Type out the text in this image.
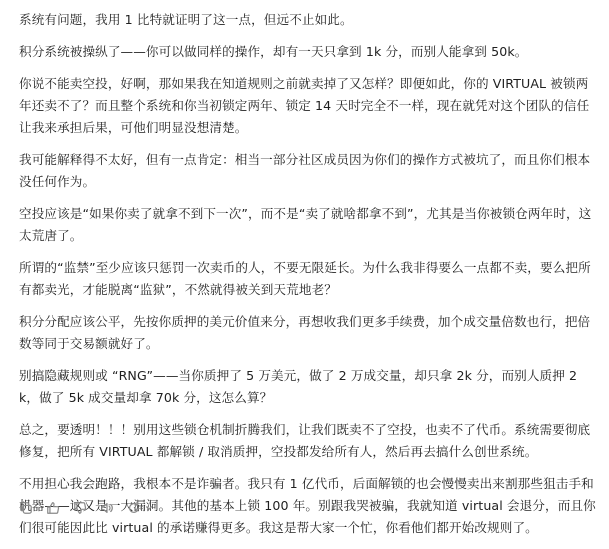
系统有问题，我用 1 比特就证明了这一点，但远不止如此。

积分系统被操纵了——你可以做同样的操作，却有一天只拿到 1k 分，而别人能拿到 50k。

你说不能卖空投，好啊，那如果我在知道规则之前就卖掉了又怎样？即便如此，你的 VIRTUAL 被锁两年还卖不了？而且整个系统和你当初锁定两年、锁定 14 天时完全不一样，现在就凭对这个团队的信任让我来承担后果，可他们明显没想清楚。

我可能解释得不太好，但有一点肯定：相当一部分社区成员因为你们的操作方式被坑了，而且你们根本没任何作为。

空投应该是“如果你卖了就拿不到下一次”，而不是“卖了就啥都拿不到”，尤其是当你被锁仓两年时，这太荒唐了。

所谓的“监禁”至少应该只惩罚一次卖币的人，不要无限延长。为什么我非得要么一点都不卖，要么把所有都卖光，才能脱离“监狱”，不然就得被关到天荒地老？

积分分配应该公平，先按你质押的美元价值来分，再想收我们更多手续费，加个成交量倍数也行，把倍数等同于交易额就好了。

别搞隐藏规则或 “RNG”——当你质押了 5 万美元，做了 2 万成交量，却只拿 2k 分，而别人质押 2k，做了 5k 成交量却拿 70k 分，这怎么算？

总之，要透明！！！别用这些锁仓机制折腾我们，让我们既卖不了空投，也卖不了代币。系统需要彻底修复，把所有 VIRTUAL 都解锁 / 取消质押，空投都发给所有人，然后再去搞什么创世系统。

不用担心我会跑路，我根本不是诈骗者。我只有 1 亿代币，后面解锁的也会慢慢卖出来割那些狙击手和机器——这又是一大漏洞。其他的基本上锁 100 年。别跟我哭被骗，我就知道 virtual 会退分，而且你们很可能因此比 virtual 的承诺赚得更多。我这是帮大家一个忙，你看他们都开始改规则了。
